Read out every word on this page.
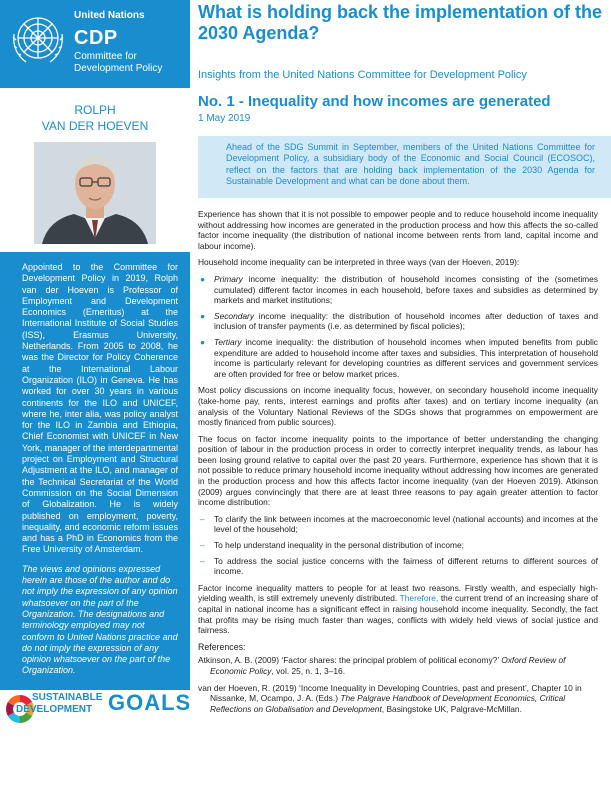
United Nations
CDP
Committee for
Development Policy
ROLPH
VAN DER HOEVEN

Appointed to the Committee for Development Policy in 2019, Rolph van der Hoeven is Professor of Employment and Development Economics (Emeritus) at the International Institute of Social Studies (ISS), Erasmus University, Netherlands. From 2005 to 2008, he was the Director for Policy Coherence at the International Labour Organization (ILO) in Geneva. He has worked for over 30 years in various continents for the ILO and UNICEF, where he, inter alia, was policy analyst for the ILO in Zambia and Ethiopia, Chief Economist with UNICEF in New York, manager of the interdepartmental project on Employment and Structural Adjustment at the ILO, and manager of the Technical Secretariat of the World Commission on the Social Dimension of Globalization. He is widely published on employment, poverty, inequality, and economic reform issues and has a PhD in Economics from the Free University of Amsterdam.

The views and opinions expressed herein are those of the author and do not imply the expression of any opinion whatsoever on the part of the Organization. The designations and terminology employed may not conform to United Nations practice and do not imply the expression of any opinion whatsoever on the part of the Organization.

SUSTAINABLE
DEVELOPMENT GOALS
What is holding back the implementation of the 2030 Agenda?
Insights from the United Nations Committee for Development Policy
No. 1 - Inequality and how incomes are generated
1 May 2019

Ahead of the SDG Summit in September, members of the United Nations Committee for Development Policy, a subsidiary body of the Economic and Social Council (ECOSOC), reflect on the factors that are holding back implementation of the 2030 Agenda for Sustainable Development and what can be done about them.

Experience has shown that it is not possible to empower people and to reduce household income inequality without addressing how incomes are generated in the production process and how this affects the so-called factor income inequality (the distribution of national income between rents from land, capital income and labour income).

Household income inequality can be interpreted in three ways (van der Hoeven, 2019):

● Primary income inequality: the distribution of household incomes consisting of the (sometimes cumulated) different factor incomes in each household, before taxes and subsidies as determined by markets and market institutions;
● Secondary income inequality: the distribution of household incomes after deduction of taxes and inclusion of transfer payments (i.e. as determined by fiscal policies);
● Tertiary income inequality: the distribution of household incomes when imputed benefits from public expenditure are added to household income after taxes and subsidies. This interpretation of household income is particularly relevant for developing countries as different services and government services are often provided for free or below market prices.

Most policy discussions on income inequality focus, however, on secondary household income inequality (take-home pay, rents, interest earnings and profits after taxes) and on tertiary income inequality (an analysis of the Voluntary National Reviews of the SDGs shows that programmes on empowerment are mostly financed from public sources).

The focus on factor income inequality points to the importance of better understanding the changing position of labour in the production process in order to correctly interpret inequality trends, as labour has been losing ground relative to capital over the past 20 years. Furthermore, experience has shown that it is not possible to reduce primary household income inequality without addressing how incomes are generated in the production process and how this affects factor income inequality (van der Hoeven 2019). Atkinson (2009) argues convincingly that there are at least three reasons to pay again greater attention to factor income distribution:

– To clarify the link between incomes at the macroeconomic level (national accounts) and incomes at the level of the household;
– To help understand inequality in the personal distribution of income;
– To address the social justice concerns with the fairness of different returns to different sources of income.

Factor income inequality matters to people for at least two reasons. Firstly wealth, and especially high-yielding wealth, is still extremely unevenly distributed. Therefore, the current trend of an increasing share of capital in national income has a significant effect in raising household income inequality. Secondly, the fact that profits may be rising much faster than wages, conflicts with widely held views of social justice and fairness.

References:

Atkinson, A. B. (2009) ‘Factor shares: the principal problem of political economy?’ Oxford Review of Economic Policy, vol. 25, n. 1, 3–16.

van der Hoeven, R. (2019) ‘Income Inequality in Developing Countries, past and present’, Chapter 10 in Nissanke, M, Ocampo, J. A. (Eds.) The Palgrave Handbook of Development Economics, Critical Reflections on Globalisation and Development, Basingstoke UK, Palgrave-McMillan.
